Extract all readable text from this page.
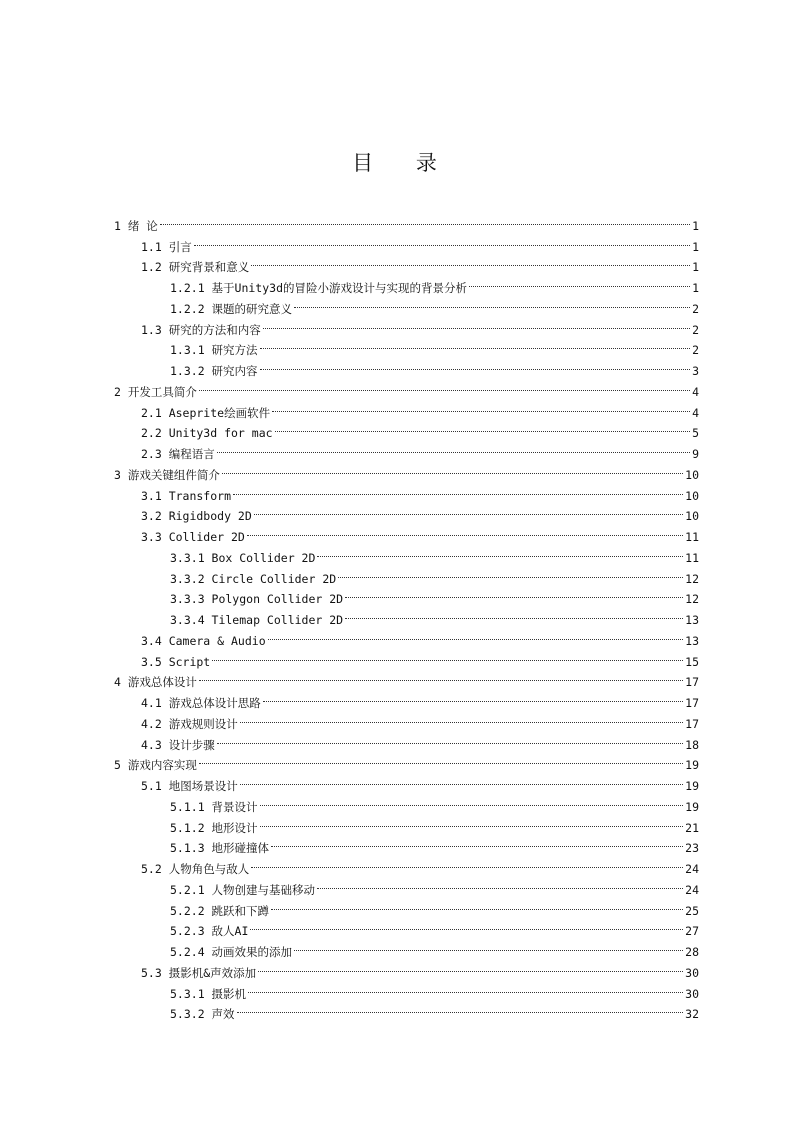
目 录
1 绪 论	1
1.1 引言	1
1.2 研究背景和意义	1
1.2.1 基于Unity3d的冒险小游戏设计与实现的背景分析	1
1.2.2 课题的研究意义	2
1.3 研究的方法和内容	2
1.3.1 研究方法	2
1.3.2 研究内容	3
2 开发工具简介	4
2.1 Aseprite绘画软件	4
2.2 Unity3d for mac	5
2.3 编程语言	9
3 游戏关键组件简介	10
3.1 Transform	10
3.2 Rigidbody 2D	10
3.3 Collider 2D	11
3.3.1 Box Collider 2D	11
3.3.2 Circle Collider 2D	12
3.3.3 Polygon Collider 2D	12
3.3.4 Tilemap Collider 2D	13
3.4 Camera & Audio	13
3.5 Script	15
4 游戏总体设计	17
4.1 游戏总体设计思路	17
4.2 游戏规则设计	17
4.3 设计步骤	18
5 游戏内容实现	19
5.1 地图场景设计	19
5.1.1 背景设计	19
5.1.2 地形设计	21
5.1.3 地形碰撞体	23
5.2 人物角色与敌人	24
5.2.1 人物创建与基础移动	24
5.2.2 跳跃和下蹲	25
5.2.3 敌人AI	27
5.2.4 动画效果的添加	28
5.3 摄影机&声效添加	30
5.3.1 摄影机	30
5.3.2 声效	32
